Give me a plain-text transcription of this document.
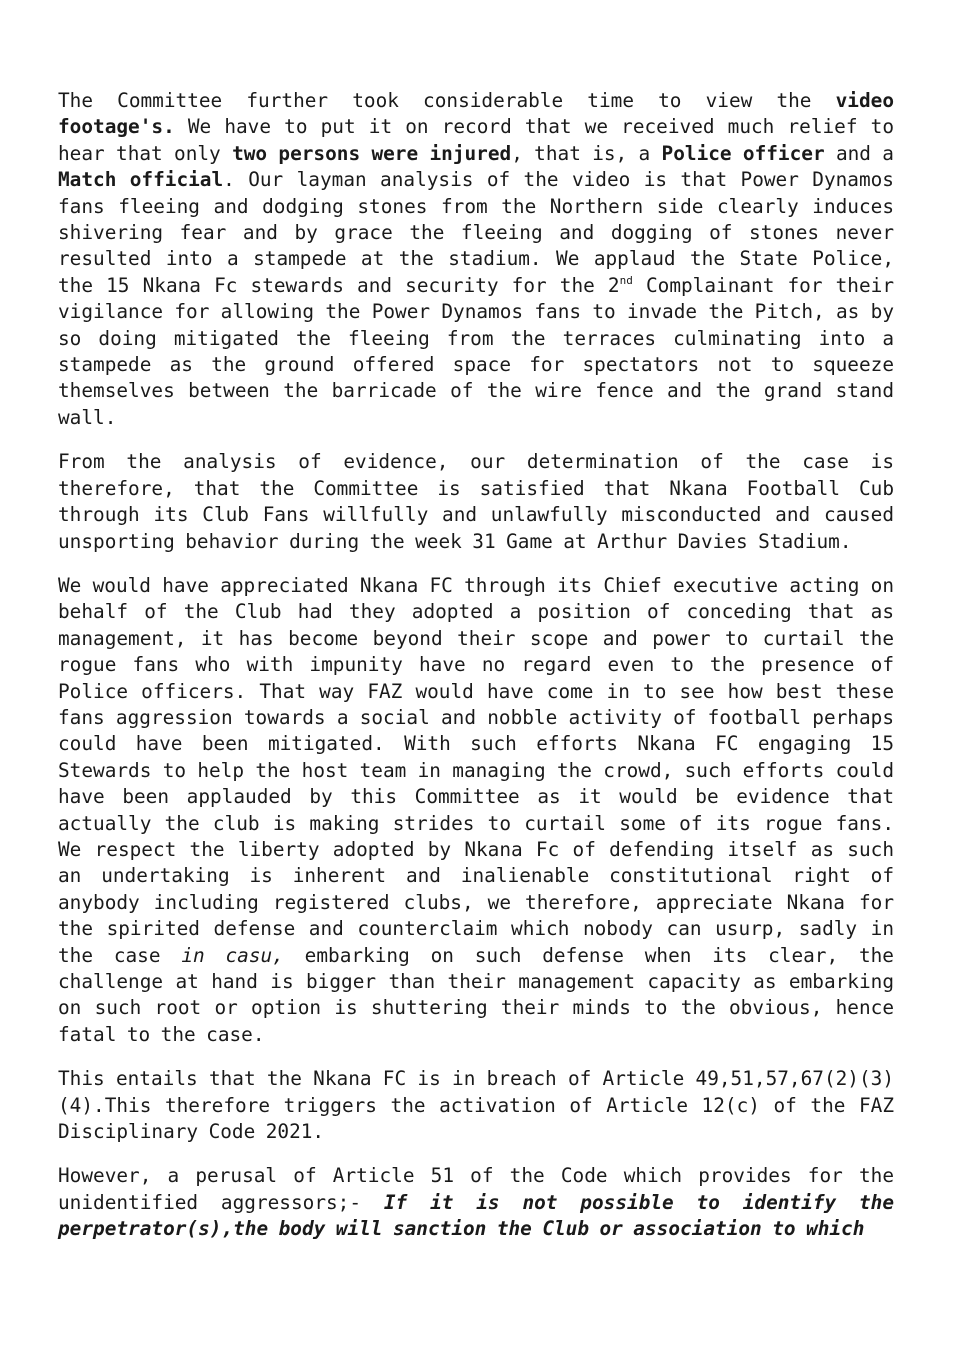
The Committee further took considerable time to view the video footage's. We have to put it on record that we received much relief to hear that only two persons were injured, that is, a Police officer and a Match official. Our layman analysis of the video is that Power Dynamos fans fleeing and dodging stones from the Northern side clearly induces shivering fear and by grace the fleeing and dogging of stones never resulted into a stampede at the stadium. We applaud the State Police, the 15 Nkana Fc stewards and security for the 2nd Complainant for their vigilance for allowing the Power Dynamos fans to invade the Pitch, as by so doing mitigated the fleeing from the terraces culminating into a stampede as the ground offered space for spectators not to squeeze themselves between the barricade of the wire fence and the grand stand wall.

From the analysis of evidence, our determination of the case is therefore, that the Committee is satisfied that Nkana Football Cub through its Club Fans willfully and unlawfully misconducted and caused unsporting behavior during the week 31 Game at Arthur Davies Stadium.

We would have appreciated Nkana FC through its Chief executive acting on behalf of the Club had they adopted a position of conceding that as management, it has become beyond their scope and power to curtail the rogue fans who with impunity have no regard even to the presence of Police officers. That way FAZ would have come in to see how best these fans aggression towards a social and nobble activity of football perhaps could have been mitigated. With such efforts Nkana FC engaging 15 Stewards to help the host team in managing the crowd, such efforts could have been applauded by this Committee as it would be evidence that actually the club is making strides to curtail some of its rogue fans. We respect the liberty adopted by Nkana Fc of defending itself as such an undertaking is inherent and inalienable constitutional right of anybody including registered clubs, we therefore, appreciate Nkana for the spirited defense and counterclaim which nobody can usurp, sadly in the case in casu, embarking on such defense when its clear, the challenge at hand is bigger than their management capacity as embarking on such root or option is shuttering their minds to the obvious, hence fatal to the case.

This entails that the Nkana FC is in breach of Article 49,51,57,67(2)(3)(4).This therefore triggers the activation of Article 12(c) of the FAZ Disciplinary Code 2021.

However, a perusal of Article 51 of the Code which provides for the unidentified aggressors;- If it is not possible to identify the perpetrator(s),the body will sanction the Club or association to which
